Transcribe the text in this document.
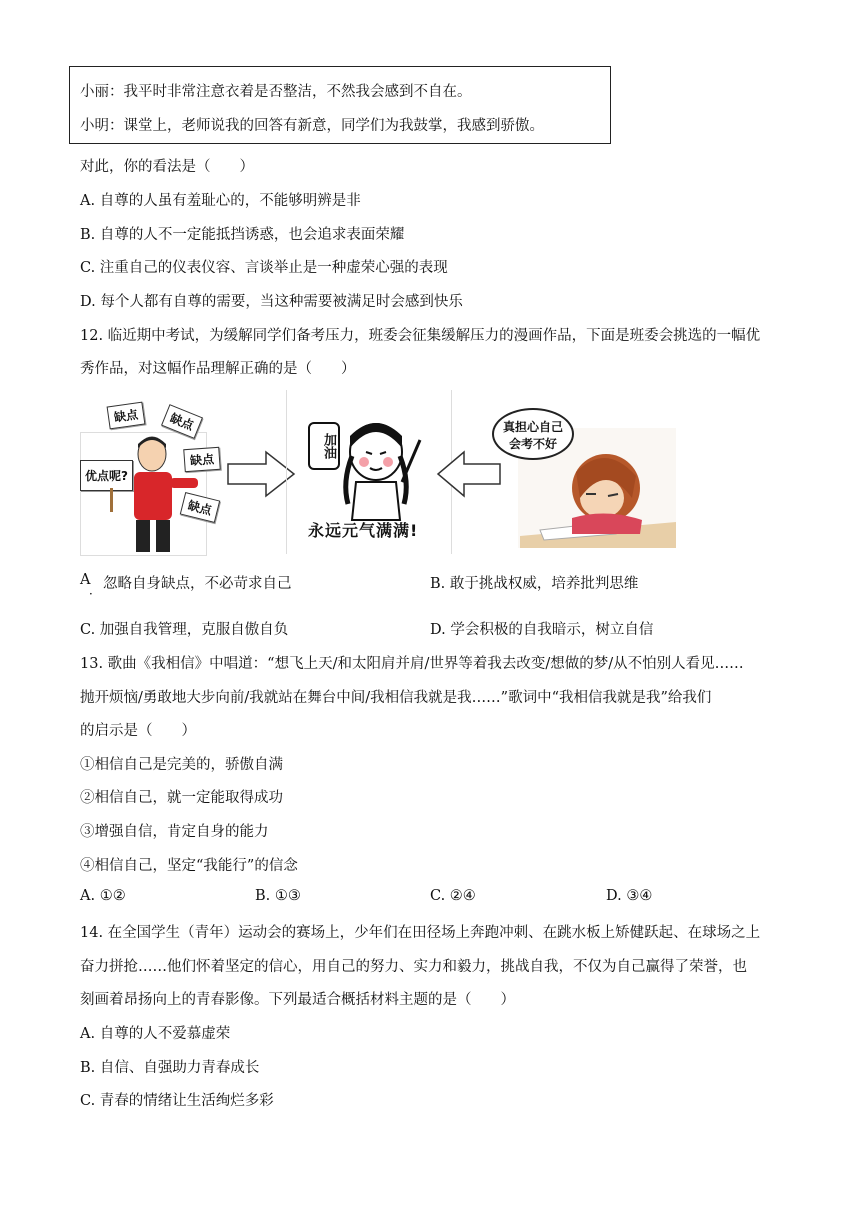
小丽：我平时非常注意衣着是否整洁，不然我会感到不自在。
小明：课堂上，老师说我的回答有新意，同学们为我鼓掌，我感到骄傲。
对此，你的看法是（　　）
A. 自尊的人虽有羞耻心的，不能够明辨是非
B. 自尊的人不一定能抵挡诱惑，也会追求表面荣耀
C. 注重自己的仪表仪容、言谈举止是一种虚荣心强的表现
D. 每个人都有自尊的需要，当这种需要被满足时会感到快乐
12. 临近期中考试，为缓解同学们备考压力，班委会征集缓解压力的漫画作品，下面是班委会挑选的一幅优
秀作品，对这幅作品理解正确的是（　　）
缺点	缺点
缺点
缺点
优点呢?
加油
永远元气满满!
真担心自己
会考不好
A
． 忽略自身缺点，不必苛求自己	B. 敢于挑战权威，培养批判思维
C. 加强自我管理，克服自傲自负	D. 学会积极的自我暗示，树立自信
13. 歌曲《我相信》中唱道：“想飞上天/和太阳肩并肩/世界等着我去改变/想做的梦/从不怕别人看见……
抛开烦恼/勇敢地大步向前/我就站在舞台中间/我相信我就是我……”歌词中“我相信我就是我”给我们
的启示是（　　）
①相信自己是完美的，骄傲自满
②相信自己，就一定能取得成功
③增强自信，肯定自身的能力
④相信自己，坚定“我能行”的信念
A. ①②	B. ①③	C. ②④	D. ③④
14. 在全国学生（青年）运动会的赛场上，少年们在田径场上奔跑冲刺、在跳水板上矫健跃起、在球场之上
奋力拼抢……他们怀着坚定的信心，用自己的努力、实力和毅力，挑战自我，不仅为自己赢得了荣誉，也
刻画着昂扬向上的青春影像。下列最适合概括材料主题的是（　　）
A. 自尊的人不爱慕虚荣
B. 自信、自强助力青春成长
C. 青春的情绪让生活绚烂多彩
